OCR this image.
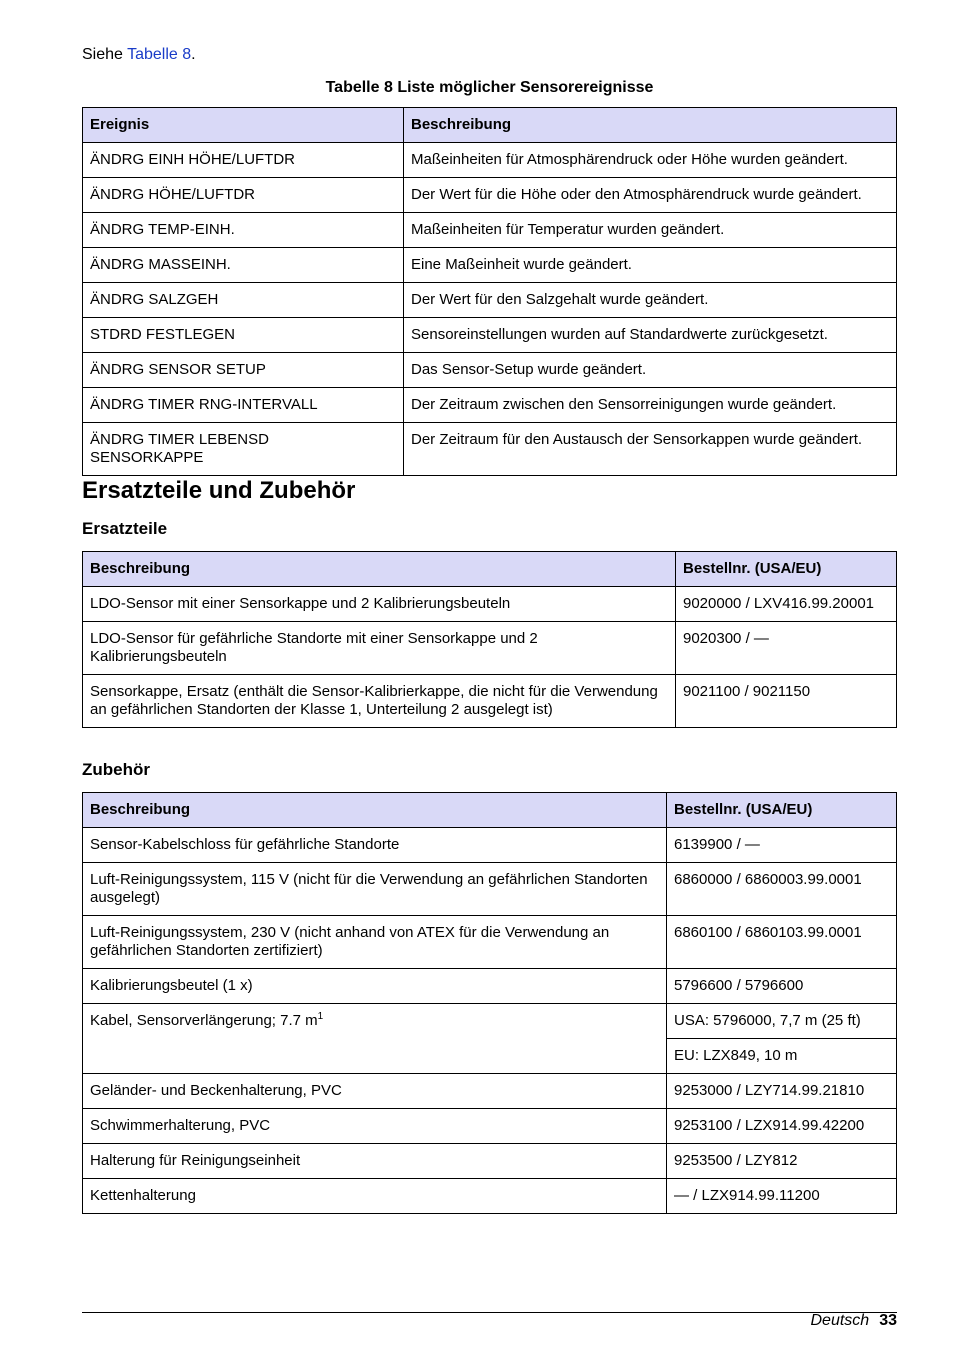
Siehe Tabelle 8.
Tabelle 8 Liste möglicher Sensorereignisse
Ereignis	Beschreibung
ÄNDRG EINH HÖHE/LUFTDR	Maßeinheiten für Atmosphärendruck oder Höhe wurden geändert.
ÄNDRG HÖHE/LUFTDR	Der Wert für die Höhe oder den Atmosphärendruck wurde geändert.
ÄNDRG TEMP-EINH.	Maßeinheiten für Temperatur wurden geändert.
ÄNDRG MASSEINH.	Eine Maßeinheit wurde geändert.
ÄNDRG SALZGEH	Der Wert für den Salzgehalt wurde geändert.
STDRD FESTLEGEN	Sensoreinstellungen wurden auf Standardwerte zurückgesetzt.
ÄNDRG SENSOR SETUP	Das Sensor-Setup wurde geändert.
ÄNDRG TIMER RNG-INTERVALL	Der Zeitraum zwischen den Sensorreinigungen wurde geändert.
ÄNDRG TIMER LEBENSD SENSORKAPPE	Der Zeitraum für den Austausch der Sensorkappen wurde geändert.
Ersatzteile und Zubehör
Ersatzteile
Beschreibung	Bestellnr. (USA/EU)
LDO-Sensor mit einer Sensorkappe und 2 Kalibrierungsbeuteln	9020000 / LXV416.99.20001
LDO-Sensor für gefährliche Standorte mit einer Sensorkappe und 2 Kalibrierungsbeuteln	9020300 / —
Sensorkappe, Ersatz (enthält die Sensor-Kalibrierkappe, die nicht für die Verwendung an gefährlichen Standorten der Klasse 1, Unterteilung 2 ausgelegt ist)	9021100 / 9021150
Zubehör
Beschreibung	Bestellnr. (USA/EU)
Sensor-Kabelschloss für gefährliche Standorte	6139900 / —
Luft-Reinigungssystem, 115 V (nicht für die Verwendung an gefährlichen Standorten ausgelegt)	6860000 / 6860003.99.0001
Luft-Reinigungssystem, 230 V (nicht anhand von ATEX für die Verwendung an gefährlichen Standorten zertifiziert)	6860100 / 6860103.99.0001
Kalibrierungsbeutel (1 x)	5796600 / 5796600
Kabel, Sensorverlängerung; 7.7 $m^1$	USA: 5796000, 7,7 m (25 ft)
	EU: LZX849, 10 m
Geländer- und Beckenhalterung, PVC	9253000 / LZY714.99.21810
Schwimmerhalterung, PVC	9253100 / LZX914.99.42200
Halterung für Reinigungseinheit	9253500 / LZY812
Kettenhalterung	— / LZX914.99.11200
Deutsch 33
